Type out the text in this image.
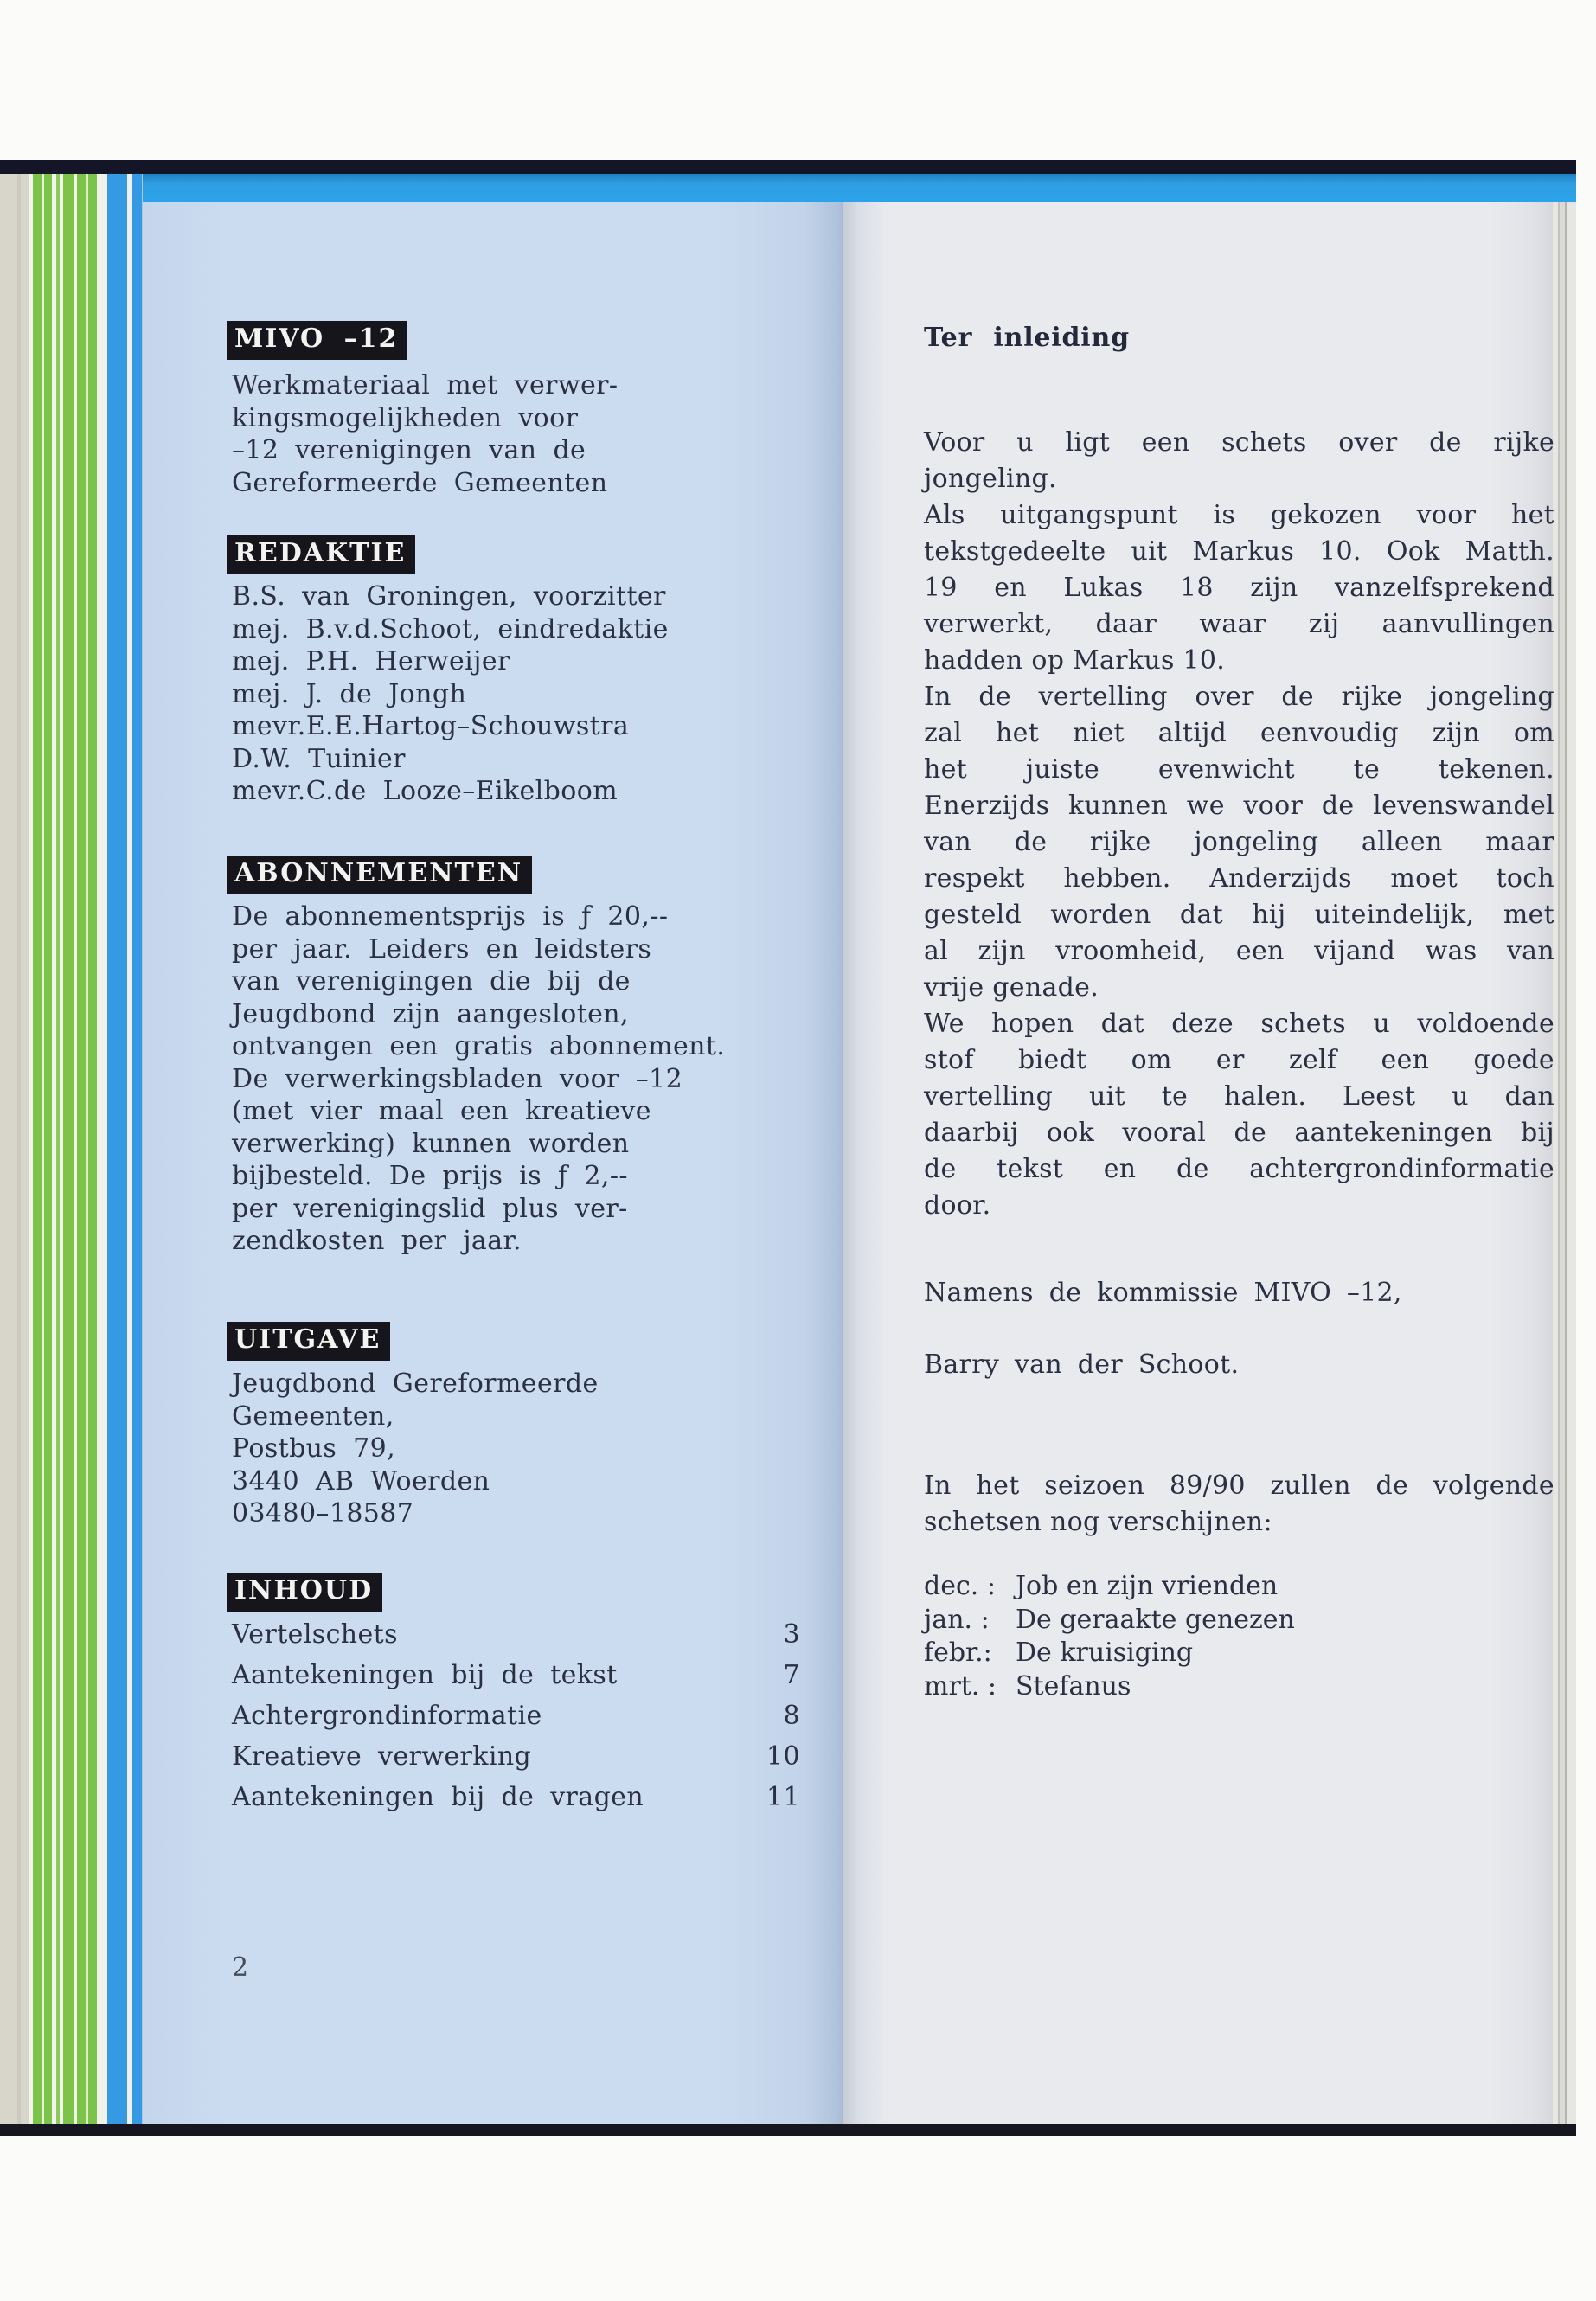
MIVO –12
Werkmateriaal met verwer-
kingsmogelijkheden voor
–12 verenigingen van de
Gereformeerde Gemeenten
REDAKTIE
B.S. van Groningen, voorzitter
mej. B.v.d.Schoot, eindredaktie
mej. P.H. Herweijer
mej. J. de Jongh
mevr.E.E.Hartog–Schouwstra
D.W. Tuinier
mevr.C.de Looze–Eikelboom
ABONNEMENTEN
De abonnementsprijs is ƒ 20,--
per jaar. Leiders en leidsters
van verenigingen die bij de
Jeugdbond zijn aangesloten,
ontvangen een gratis abonnement.
De verwerkingsbladen voor –12
(met vier maal een kreatieve
verwerking) kunnen worden
bijbesteld. De prijs is ƒ 2,--
per verenigingslid plus ver-
zendkosten per jaar.
UITGAVE
Jeugdbond Gereformeerde
Gemeenten,
Postbus 79,
3440 AB Woerden
03480–18587
INHOUD
Vertelschets	3
Aantekeningen bij de tekst	7
Achtergrondinformatie	8
Kreatieve verwerking	10
Aantekeningen bij de vragen	11
2
Ter inleiding
Voor u ligt een schets over de rijke
jongeling.
Als uitgangspunt is gekozen voor het
tekstgedeelte uit Markus 10. Ook Matth.
19 en Lukas 18 zijn vanzelfsprekend
verwerkt, daar waar zij aanvullingen
hadden op Markus 10.
In de vertelling over de rijke jongeling
zal het niet altijd eenvoudig zijn om
het juiste evenwicht te tekenen.
Enerzijds kunnen we voor de levenswandel
van de rijke jongeling alleen maar
respekt hebben. Anderzijds moet toch
gesteld worden dat hij uiteindelijk, met
al zijn vroomheid, een vijand was van
vrije genade.
We hopen dat deze schets u voldoende
stof biedt om er zelf een goede
vertelling uit te halen. Leest u dan
daarbij ook vooral de aantekeningen bij
de tekst en de achtergrondinformatie
door.
Namens de kommissie MIVO –12,
Barry van der Schoot.
In het seizoen 89/90 zullen de volgende
schetsen nog verschijnen:
dec. : Job en zijn vrienden
jan. : De geraakte genezen
febr.: De kruisiging
mrt. : Stefanus
